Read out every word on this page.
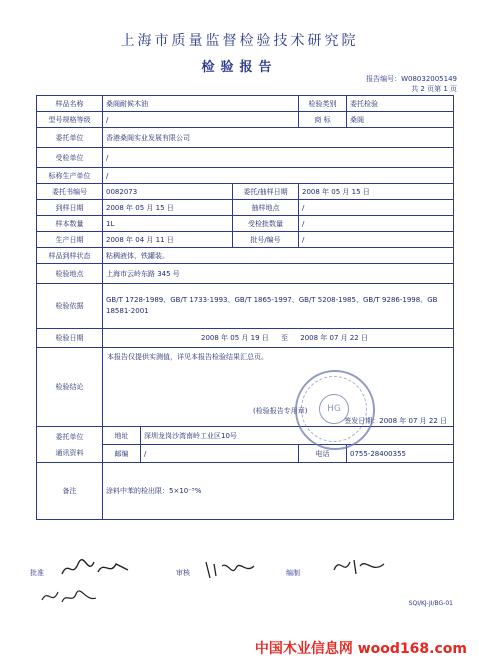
上海市质量监督检验技术研究院
检验报告
报告编号：W08032005149
共 2 页第 1 页
样品名称	桑阁耐候木油			检验类别	委托检验
型号规格等级	/			商 标	桑阁
委托单位	香港桑阁实业发展有限公司				
受检单位	/				
标称生产单位	/				
委托书编号	0082073		委托/抽样日期	2008 年 05 月 15 日	
到样日期	2008 年 05 月 15 日		抽样地点	/	
样本数量	1L		受检批数量	/	
生产日期	2008 年 04 月 11 日		批号/编号	/	
样品到样状态	粘稠液体，铁罐装。				
检验地点	上海市云岭东路 345 号				
检验依据	GB/T 1728-1989、GB/T 1733-1993、GB/T 1865-1997、GB/T 5208-1985、GB/T 9286-1998、GB 18581-2001				
检验日期	2008 年 05 月 19 日 至 2008 年 07 月 22 日				
检验结论	本报告仅提供实测值，详见本报告检验结果汇总页。
(检验报告专用章)
签发日期：2008 年 07 月 22 日				

委托单位
通讯资料	地址	深圳龙岗沙湾南岭工业区10号			
	邮编	/		电话	0755-28400355
备注	涂料中苯的检出限：5×10⁻⁵%				
HG
批准	审核	编制
SQI/KJ-JI/BG-01
中国木业信息网 wood168.com
